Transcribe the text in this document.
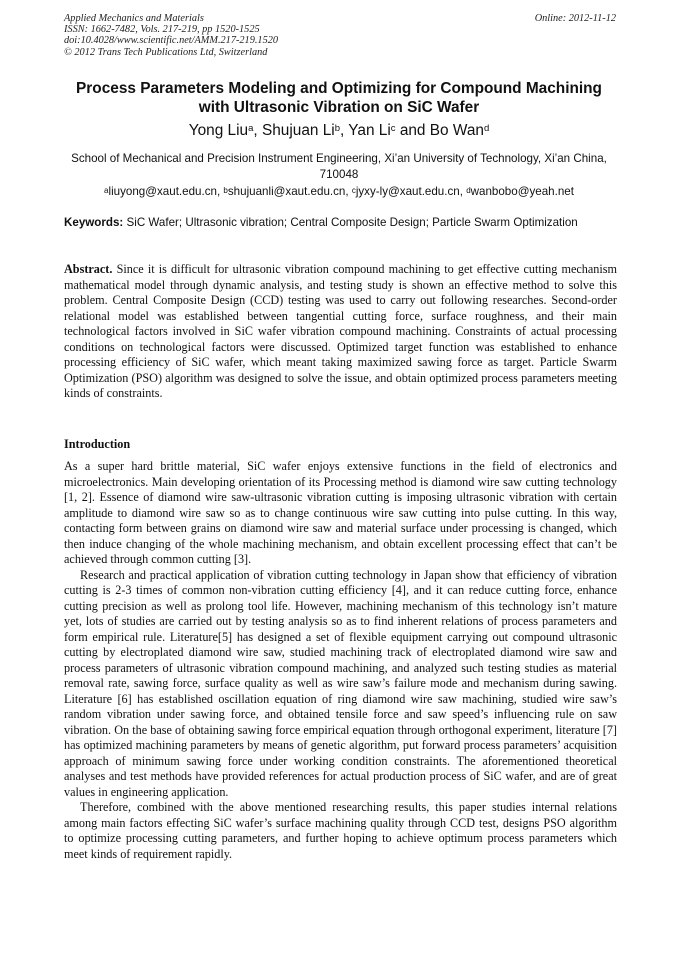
Applied Mechanics and Materials
ISSN: 1662-7482, Vols. 217-219, pp 1520-1525
doi:10.4028/www.scientific.net/AMM.217-219.1520
© 2012 Trans Tech Publications Ltd, Switzerland
Online: 2012-11-12
Process Parameters Modeling and Optimizing for Compound Machining
with Ultrasonic Vibration on SiC Wafer
Yong Liu$^a$, Shujuan Li$^b$, Yan Li$^c$ and Bo Wan$^d$
School of Mechanical and Precision Instrument Engineering, Xi’an University of Technology, Xi’an China, 710048
$^a$liuyong@xaut.edu.cn, $^b$shujuanli@xaut.edu.cn, $^c$jyxy-ly@xaut.edu.cn, $^d$wanbobo@yeah.net
Keywords: SiC Wafer; Ultrasonic vibration; Central Composite Design; Particle Swarm Optimization

Abstract. Since it is difficult for ultrasonic vibration compound machining to get effective cutting mechanism mathematical model through dynamic analysis, and testing study is shown an effective method to solve this problem. Central Composite Design (CCD) testing was used to carry out following researches. Second-order relational model was established between tangential cutting force, surface roughness, and their main technological factors involved in SiC wafer vibration compound machining. Constraints of actual processing conditions on technological factors were discussed. Optimized target function was established to enhance processing efficiency of SiC wafer, which meant taking maximized sawing force as target. Particle Swarm Optimization (PSO) algorithm was designed to solve the issue, and obtain optimized process parameters meeting kinds of constraints.

Introduction

As a super hard brittle material, SiC wafer enjoys extensive functions in the field of electronics and microelectronics. Main developing orientation of its Processing method is diamond wire saw cutting technology [1, 2]. Essence of diamond wire saw-ultrasonic vibration cutting is imposing ultrasonic vibration with certain amplitude to diamond wire saw so as to change continuous wire saw cutting into pulse cutting. In this way, contacting form between grains on diamond wire saw and material surface under processing is changed, which then induce changing of the whole machining mechanism, and obtain excellent processing effect that can’t be achieved through common cutting [3].

Research and practical application of vibration cutting technology in Japan show that efficiency of vibration cutting is 2-3 times of common non-vibration cutting efficiency [4], and it can reduce cutting force, enhance cutting precision as well as prolong tool life. However, machining mechanism of this technology isn’t mature yet, lots of studies are carried out by testing analysis so as to find inherent relations of process parameters and form empirical rule. Literature[5] has designed a set of flexible equipment carrying out compound ultrasonic cutting by electroplated diamond wire saw, studied machining track of electroplated diamond wire saw and process parameters of ultrasonic vibration compound machining, and analyzed such testing studies as material removal rate, sawing force, surface quality as well as wire saw’s failure mode and mechanism during sawing. Literature [6] has established oscillation equation of ring diamond wire saw machining, studied wire saw’s random vibration under sawing force, and obtained tensile force and saw speed’s influencing rule on saw vibration. On the base of obtaining sawing force empirical equation through orthogonal experiment, literature [7] has optimized machining parameters by means of genetic algorithm, put forward process parameters’ acquisition approach of minimum sawing force under working condition constraints. The aforementioned theoretical analyses and test methods have provided references for actual production process of SiC wafer, and are of great values in engineering application.

Therefore, combined with the above mentioned researching results, this paper studies internal relations among main factors effecting SiC wafer’s surface machining quality through CCD test, designs PSO algorithm to optimize processing cutting parameters, and further hoping to achieve optimum process parameters which meet kinds of requirement rapidly.
